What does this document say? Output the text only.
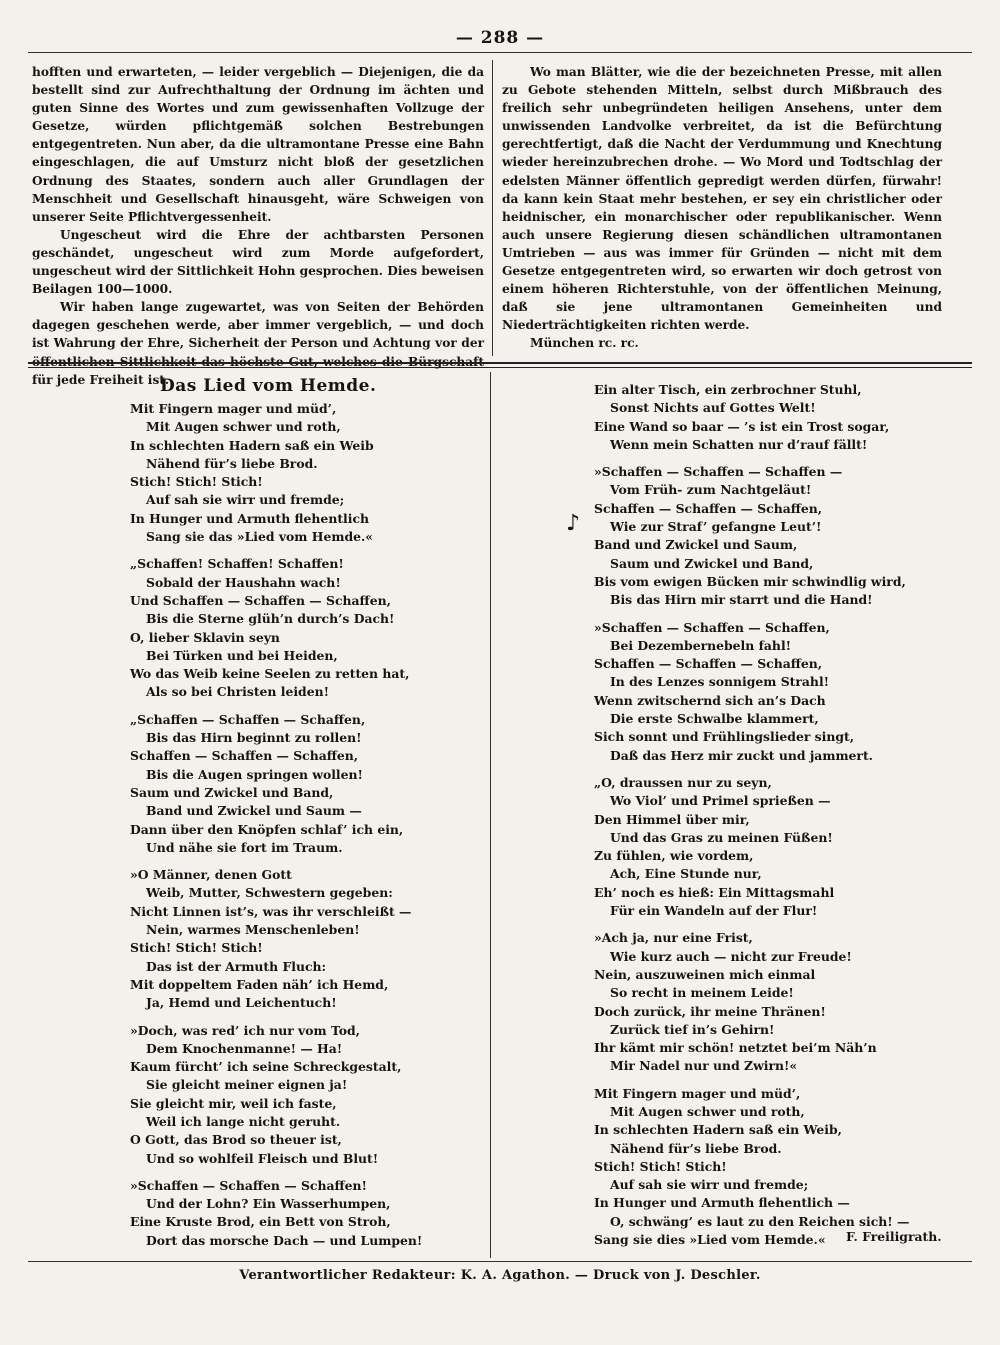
— 288 —

hofften und erwarteten, — leider vergeblich — Diejenigen, die da bestellt sind zur Aufrechthaltung der Ordnung im ächten und guten Sinne des Wortes und zum gewissenhaften Vollzuge der Gesetze, würden pflichtgemäß solchen Bestrebungen entgegentreten. Nun aber, da die ultramontane Presse eine Bahn eingeschlagen, die auf Umsturz nicht bloß der gesetzlichen Ordnung des Staates, sondern auch aller Grundlagen der Menschheit und Gesellschaft hinausgeht, wäre Schweigen von unserer Seite Pflichtvergessenheit.

Ungescheut wird die Ehre der achtbarsten Personen geschändet, ungescheut wird zum Morde aufgefordert, ungescheut wird der Sittlichkeit Hohn gesprochen. Dies beweisen Beilagen 100—1000.

Wir haben lange zugewartet, was von Seiten der Behörden dagegen geschehen werde, aber immer vergeblich, — und doch ist Wahrung der Ehre, Sicherheit der Person und Achtung vor der öffentlichen Sittlichkeit das höchste Gut, welches die Bürgschaft für jede Freiheit ist.

Wo man Blätter, wie die der bezeichneten Presse, mit allen zu Gebote stehenden Mitteln, selbst durch Mißbrauch des freilich sehr unbegründeten heiligen Ansehens, unter dem unwissenden Landvolke verbreitet, da ist die Befürchtung gerechtfertigt, daß die Nacht der Verdummung und Knechtung wieder hereinzubrechen drohe. — Wo Mord und Todtschlag der edelsten Männer öffentlich gepredigt werden dürfen, fürwahr! da kann kein Staat mehr bestehen, er sey ein christlicher oder heidnischer, ein monarchischer oder republikanischer. Wenn auch unsere Regierung diesen schändlichen ultramontanen Umtrieben — aus was immer für Gründen — nicht mit dem Gesetze entgegentreten wird, so erwarten wir doch getrost von einem höheren Richterstuhle, von der öffentlichen Meinung, daß sie jene ultramontanen Gemeinheiten und Niederträchtigkeiten richten werde.

München rc. rc.

Das Lied vom Hemde.
Mit Fingern mager und müd’,
Mit Augen schwer und roth,
In schlechten Hadern saß ein Weib
Nähend für’s liebe Brod.
Stich! Stich! Stich!
Auf sah sie wirr und fremde;
In Hunger und Armuth flehentlich
Sang sie das »Lied vom Hemde.«
„Schaffen! Schaffen! Schaffen!
Sobald der Haushahn wach!
Und Schaffen — Schaffen — Schaffen,
Bis die Sterne glüh’n durch’s Dach!
O, lieber Sklavin seyn
Bei Türken und bei Heiden,
Wo das Weib keine Seelen zu retten hat,
Als so bei Christen leiden!
„Schaffen — Schaffen — Schaffen,
Bis das Hirn beginnt zu rollen!
Schaffen — Schaffen — Schaffen,
Bis die Augen springen wollen!
Saum und Zwickel und Band,
Band und Zwickel und Saum —
Dann über den Knöpfen schlaf’ ich ein,
Und nähe sie fort im Traum.
»O Männer, denen Gott
Weib, Mutter, Schwestern gegeben:
Nicht Linnen ist’s, was ihr verschleißt —
Nein, warmes Menschenleben!
Stich! Stich! Stich!
Das ist der Armuth Fluch:
Mit doppeltem Faden näh’ ich Hemd,
Ja, Hemd und Leichentuch!
»Doch, was red’ ich nur vom Tod,
Dem Knochenmanne! — Ha!
Kaum fürcht’ ich seine Schreckgestalt,
Sie gleicht meiner eignen ja!
Sie gleicht mir, weil ich faste,
Weil ich lange nicht geruht.
O Gott, das Brod so theuer ist,
Und so wohlfeil Fleisch und Blut!
»Schaffen — Schaffen — Schaffen!
Und der Lohn? Ein Wasserhumpen,
Eine Kruste Brod, ein Bett von Stroh,
Dort das morsche Dach — und Lumpen!
♪
Ein alter Tisch, ein zerbrochner Stuhl,
Sonst Nichts auf Gottes Welt!
Eine Wand so baar — ’s ist ein Trost sogar,
Wenn mein Schatten nur d’rauf fällt!
»Schaffen — Schaffen — Schaffen —
Vom Früh- zum Nachtgeläut!
Schaffen — Schaffen — Schaffen,
Wie zur Straf’ gefangne Leut’!
Band und Zwickel und Saum,
Saum und Zwickel und Band,
Bis vom ewigen Bücken mir schwindlig wird,
Bis das Hirn mir starrt und die Hand!
»Schaffen — Schaffen — Schaffen,
Bei Dezembernebeln fahl!
Schaffen — Schaffen — Schaffen,
In des Lenzes sonnigem Strahl!
Wenn zwitschernd sich an’s Dach
Die erste Schwalbe klammert,
Sich sonnt und Frühlingslieder singt,
Daß das Herz mir zuckt und jammert.
„O, draussen nur zu seyn,
Wo Viol’ und Primel sprießen —
Den Himmel über mir,
Und das Gras zu meinen Füßen!
Zu fühlen, wie vordem,
Ach, Eine Stunde nur,
Eh’ noch es hieß: Ein Mittagsmahl
Für ein Wandeln auf der Flur!
»Ach ja, nur eine Frist,
Wie kurz auch — nicht zur Freude!
Nein, auszuweinen mich einmal
So recht in meinem Leide!
Doch zurück, ihr meine Thränen!
Zurück tief in’s Gehirn!
Ihr kämt mir schön! netztet bei’m Näh’n
Mir Nadel nur und Zwirn!«
Mit Fingern mager und müd’,
Mit Augen schwer und roth,
In schlechten Hadern saß ein Weib,
Nähend für’s liebe Brod.
Stich! Stich! Stich!
Auf sah sie wirr und fremde;
In Hunger und Armuth flehentlich —
O, schwäng’ es laut zu den Reichen sich! —
Sang sie dies »Lied vom Hemde.«	F. Freiligrath.
Verantwortlicher Redakteur: K. A. Agathon. — Druck von J. Deschler.
